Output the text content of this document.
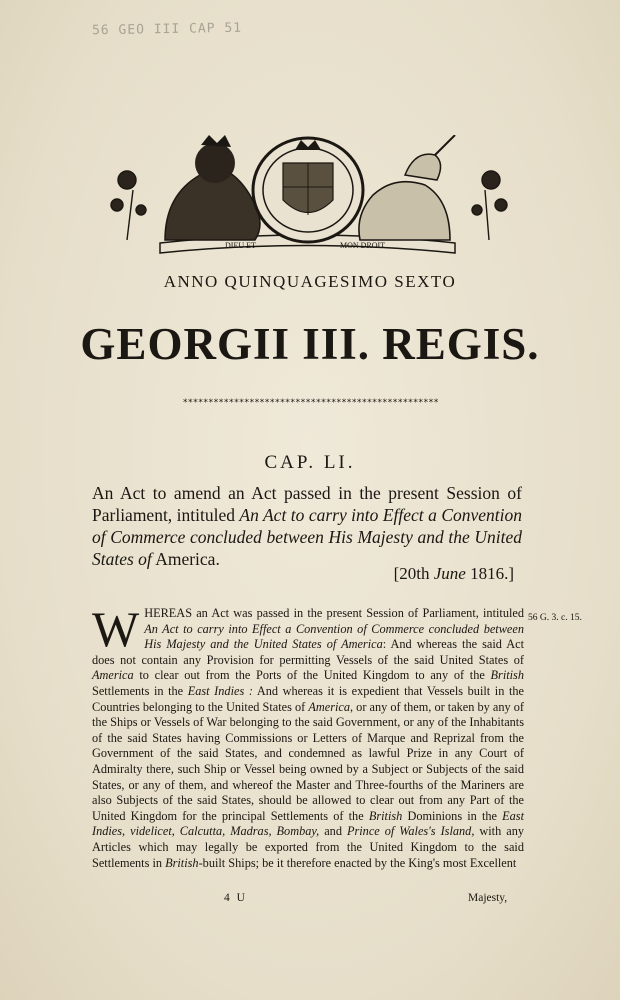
56 GEO III CAP 51
DIEU ET	MON DROIT
ANNO QUINQUAGESIMO SEXTO
GEORGII III. REGIS.
**************************************************
CAP. LI.
An Act to amend an Act passed in the present Session of Parliament, intituled An Act to carry into Effect a Convention of Commerce concluded between His Majesty and the United States of America.
[20th June 1816.]
56 G. 3. c. 15.
WHEREAS an Act was passed in the present Session of Parliament, intituled An Act to carry into Effect a Convention of Commerce concluded between His Majesty and the United States of America: And whereas the said Act does not contain any Provision for permitting Vessels of the said United States of America to clear out from the Ports of the United Kingdom to any of the British Settlements in the East Indies : And whereas it is expedient that Vessels built in the Countries belonging to the United States of America, or any of them, or taken by any of the Ships or Vessels of War belonging to the said Government, or any of the Inhabitants of the said States having Commissions or Letters of Marque and Reprizal from the Government of the said States, and condemned as lawful Prize in any Court of Admiralty there, such Ship or Vessel being owned by a Subject or Subjects of the said States, or any of them, and whereof the Master and Three-fourths of the Mariners are also Subjects of the said States, should be allowed to clear out from any Part of the United Kingdom for the principal Settlements of the British Dominions in the East Indies, videlicet, Calcutta, Madras, Bombay, and Prince of Wales's Island, with any Articles which may legally be exported from the United Kingdom to the said Settlements in British-built Ships; be it therefore enacted by the King's most Excellent
4 U	Majesty,
